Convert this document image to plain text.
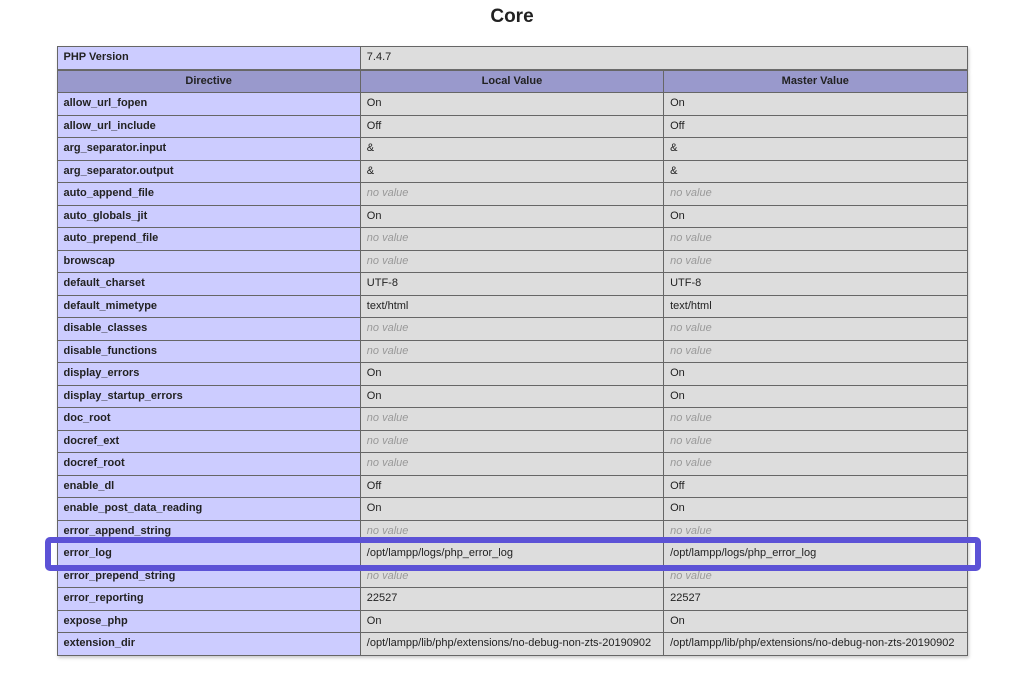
Core
PHP Version	7.4.7
Directive	Local Value	Master Value
allow_url_fopen	On	On
allow_url_include	Off	Off
arg_separator.input	&	&
arg_separator.output	&	&
auto_append_file	no value	no value
auto_globals_jit	On	On
auto_prepend_file	no value	no value
browscap	no value	no value
default_charset	UTF-8	UTF-8
default_mimetype	text/html	text/html
disable_classes	no value	no value
disable_functions	no value	no value
display_errors	On	On
display_startup_errors	On	On
doc_root	no value	no value
docref_ext	no value	no value
docref_root	no value	no value
enable_dl	Off	Off
enable_post_data_reading	On	On
error_append_string	no value	no value
error_log	/opt/lampp/logs/php_error_log	/opt/lampp/logs/php_error_log
error_prepend_string	no value	no value
error_reporting	22527	22527
expose_php	On	On
extension_dir	/opt/lampp/lib/php/extensions/no-debug-non-zts-20190902	/opt/lampp/lib/php/extensions/no-debug-non-zts-20190902
